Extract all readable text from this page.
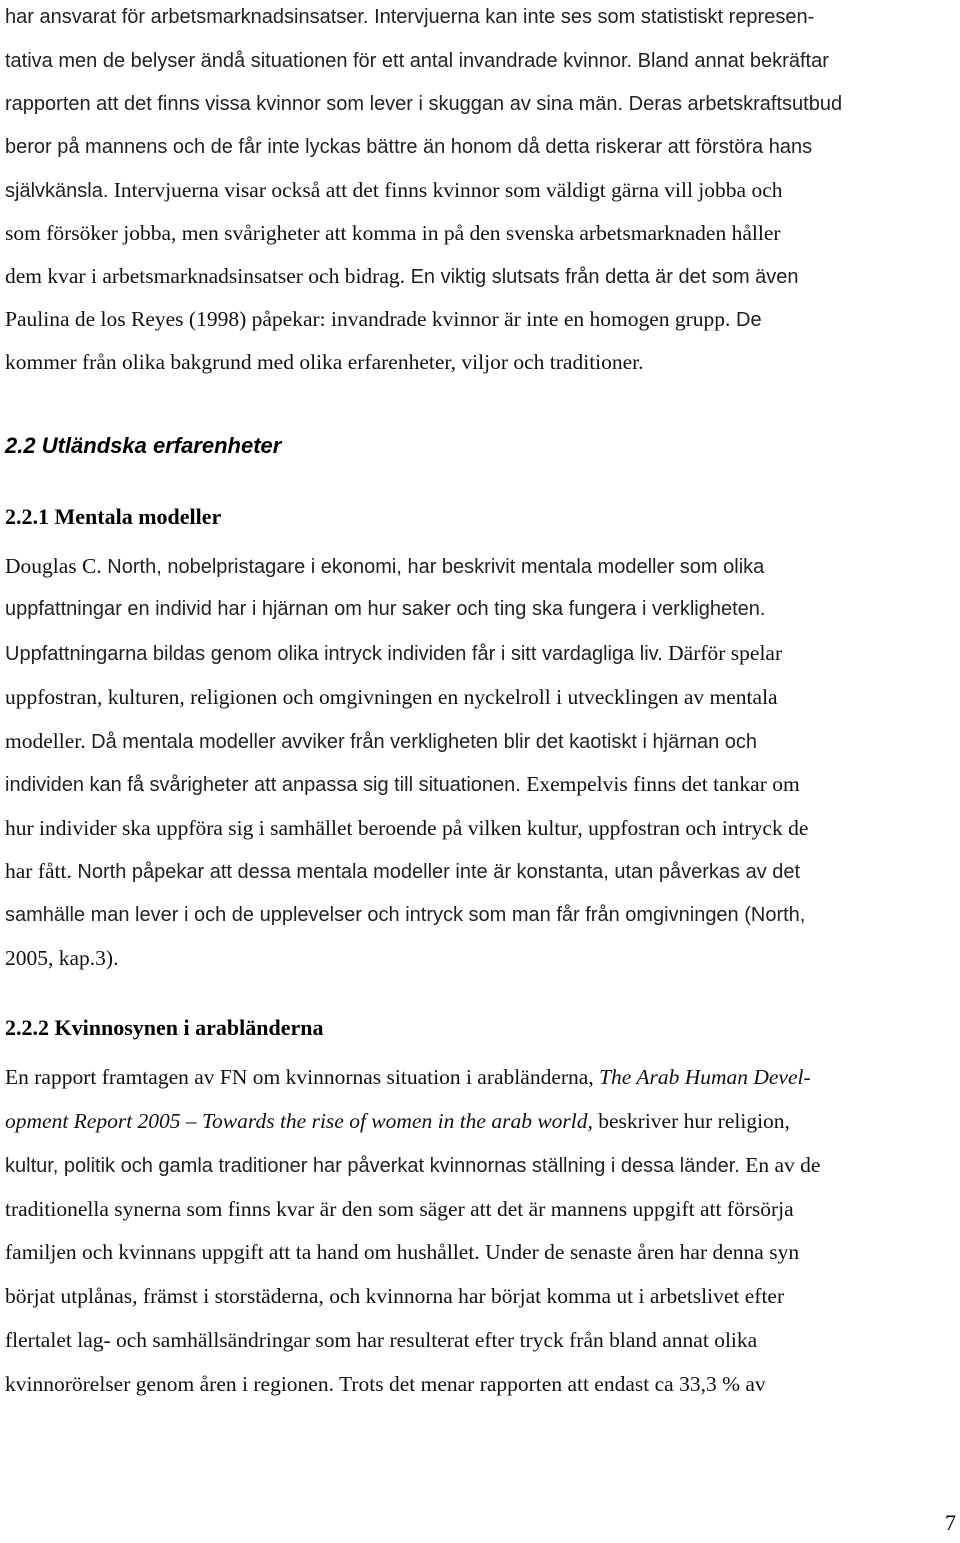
har ansvarat för arbetsmarknadsinsatser. Intervjuerna kan inte ses som statistiskt represen-
tativa men de belyser ändå situationen för ett antal invandrade kvinnor. Bland annat bekräftar
rapporten att det finns vissa kvinnor som lever i skuggan av sina män. Deras arbetskraftsutbud
beror på mannens och de får inte lyckas bättre än honom då detta riskerar att förstöra hans
självkänsla. Intervjuerna visar också att det finns kvinnor som väldigt gärna vill jobba och
som försöker jobba, men svårigheter att komma in på den svenska arbetsmarknaden håller
dem kvar i arbetsmarknadsinsatser och bidrag. En viktig slutsats från detta är det som även
Paulina de los Reyes (1998) påpekar: invandrade kvinnor är inte en homogen grupp. De
kommer från olika bakgrund med olika erfarenheter, viljor och traditioner.
2.2 Utländska erfarenheter
2.2.1 Mentala modeller
Douglas C. North, nobelpristagare i ekonomi, har beskrivit mentala modeller som olika
uppfattningar en individ har i hjärnan om hur saker och ting ska fungera i verkligheten.
Uppfattningarna bildas genom olika intryck individen får i sitt vardagliga liv. Därför spelar
uppfostran, kulturen, religionen och omgivningen en nyckelroll i utvecklingen av mentala
modeller. Då mentala modeller avviker från verkligheten blir det kaotiskt i hjärnan och
individen kan få svårigheter att anpassa sig till situationen. Exempelvis finns det tankar om
hur individer ska uppföra sig i samhället beroende på vilken kultur, uppfostran och intryck de
har fått. North påpekar att dessa mentala modeller inte är konstanta, utan påverkas av det
samhälle man lever i och de upplevelser och intryck som man får från omgivningen (North,
2005, kap.3).
2.2.2 Kvinnosynen i arabländerna
En rapport framtagen av FN om kvinnornas situation i arabländerna, The Arab Human Devel-
opment Report 2005 – Towards the rise of women in the arab world, beskriver hur religion,
kultur, politik och gamla traditioner har påverkat kvinnornas ställning i dessa länder. En av de
traditionella synerna som finns kvar är den som säger att det är mannens uppgift att försörja
familjen och kvinnans uppgift att ta hand om hushållet. Under de senaste åren har denna syn
börjat utplånas, främst i storstäderna, och kvinnorna har börjat komma ut i arbetslivet efter
flertalet lag- och samhällsändringar som har resulterat efter tryck från bland annat olika
kvinnorörelser genom åren i regionen. Trots det menar rapporten att endast ca 33,3 % av
7
